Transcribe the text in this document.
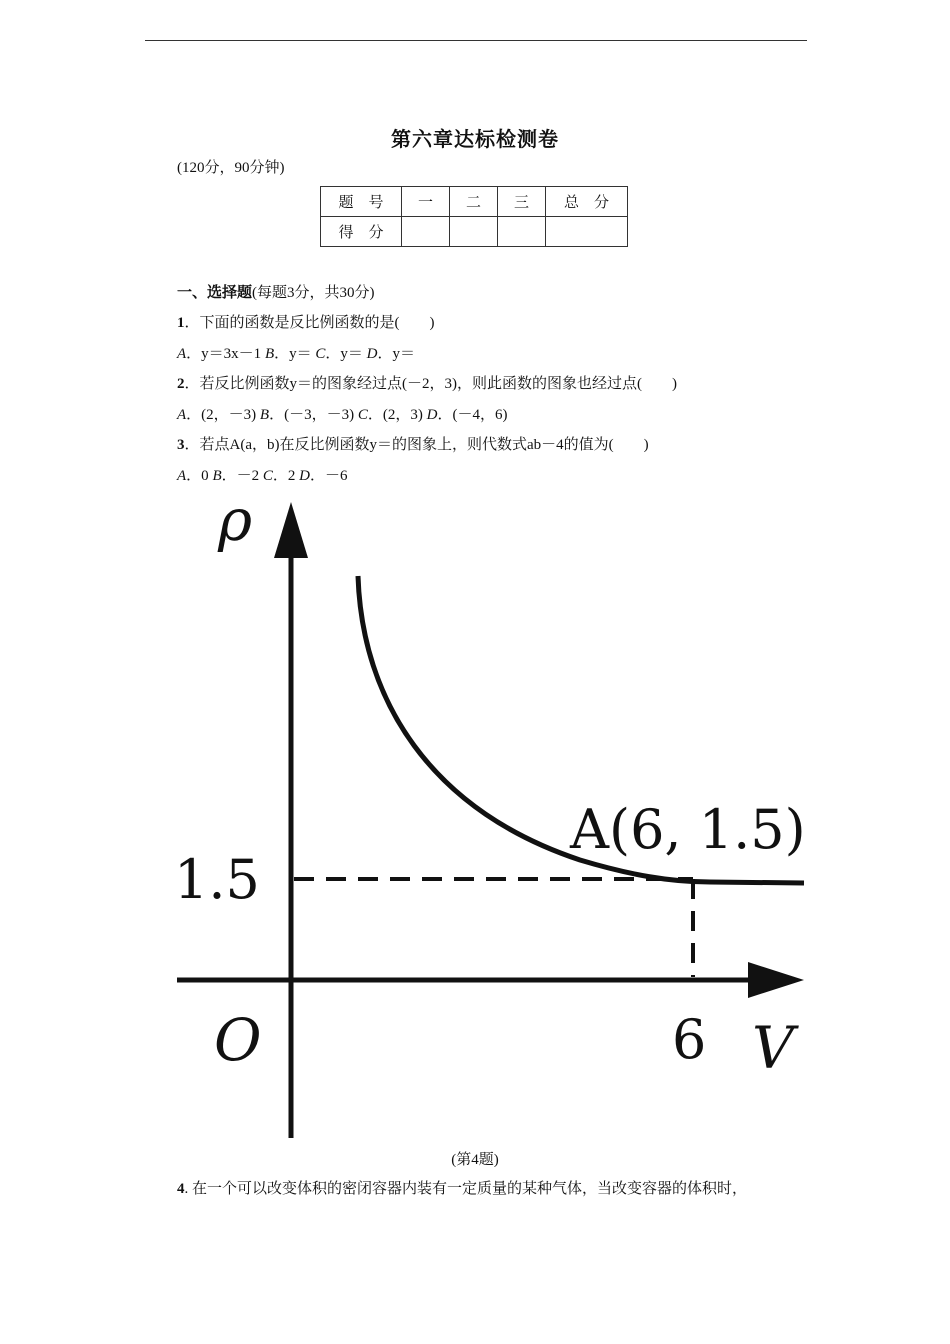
第六章达标检测卷
(120分，90分钟)
题　号	一	二	三	总　分
得　分				
一、选择题(每题3分，共30分)
1．下面的函数是反比例函数的是(　　)
A．y＝3x－1 B．y＝ C．y＝ D．y＝
2．若反比例函数y＝的图象经过点(－2，3)，则此函数的图象也经过点(　　)
A．(2，－3) B．(－3，－3) C．(2，3) D．(－4，6)
3．若点A(a，b)在反比例函数y＝的图象上，则代数式ab－4的值为(　　)
A．0 B．－2 C．2 D．－6
ρ
V
O
1.5
6
A(6, 1.5)
(第4题)
4. 在一个可以改变体积的密闭容器内装有一定质量的某种气体，当改变容器的体积时，
